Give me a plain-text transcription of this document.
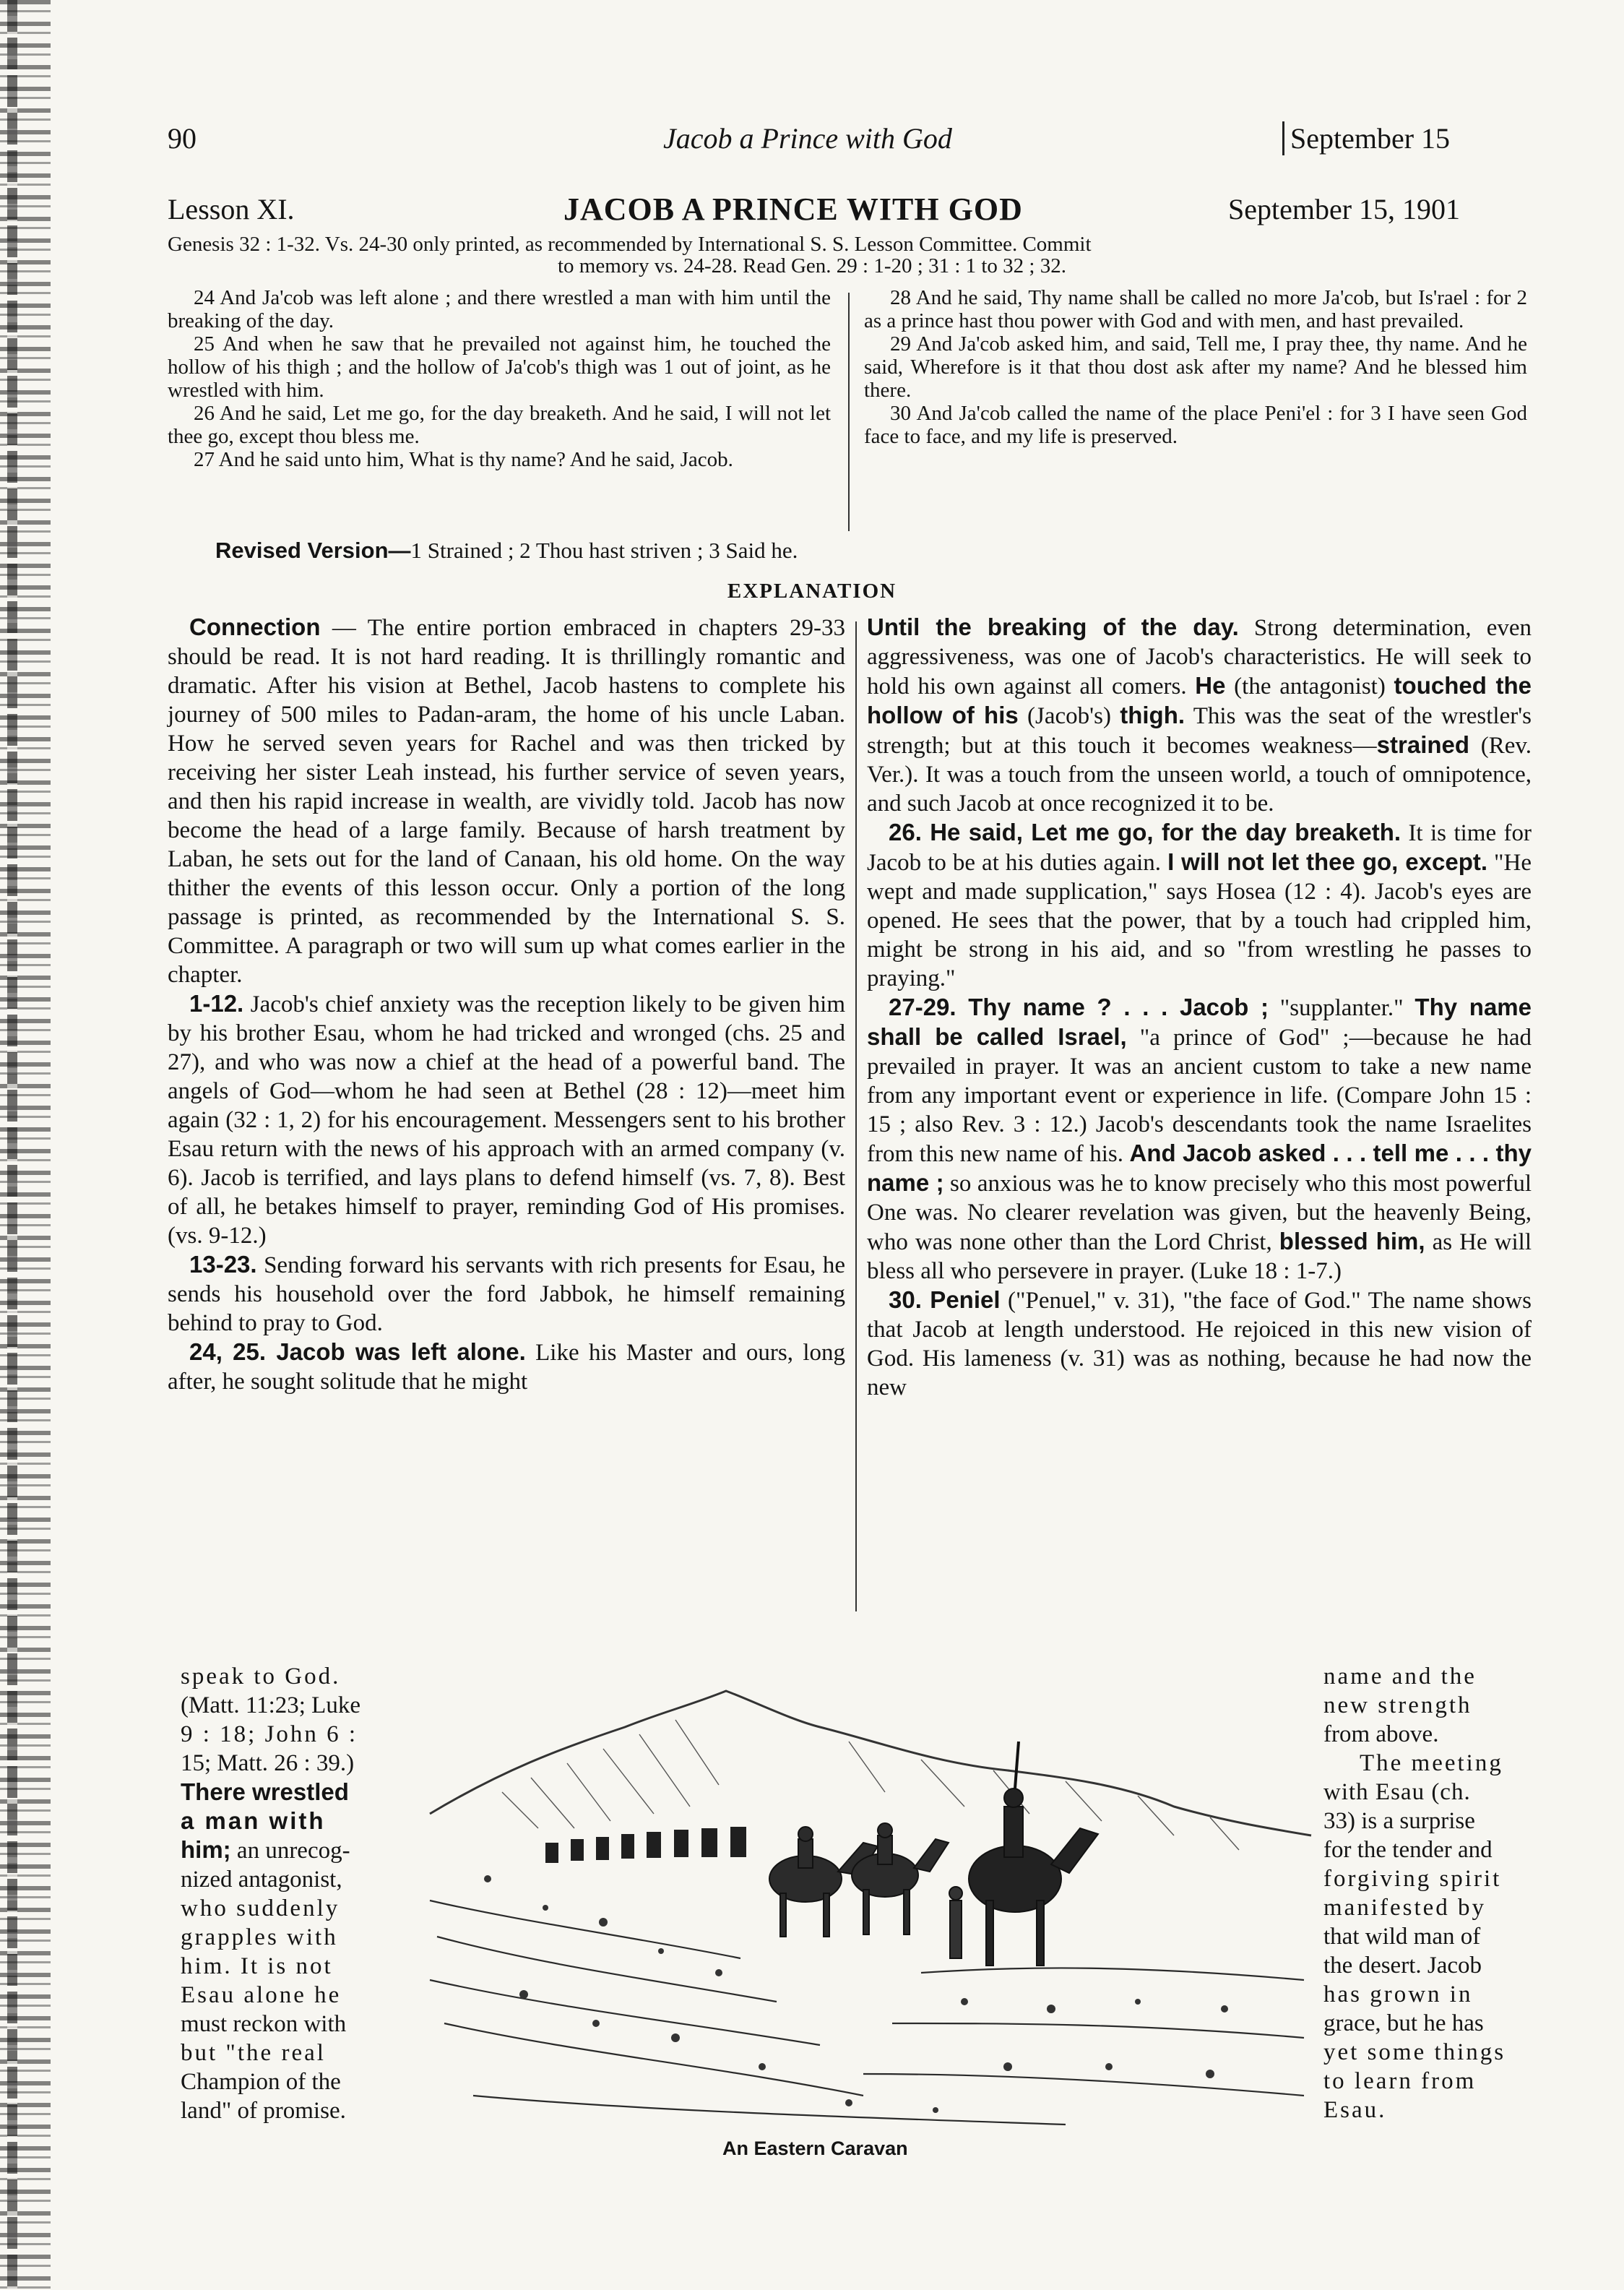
90	Jacob a Prince with God	September 15
Lesson XI.	JACOB A PRINCE WITH GOD	September 15, 1901
Genesis 32 : 1-32. Vs. 24-30 only printed, as recommended by International S. S. Lesson Committee. Commit
to memory vs. 24-28. Read Gen. 29 : 1-20 ; 31 : 1 to 32 ; 32.

24 And Ja'cob was left alone ; and there wrestled a man with him until the breaking of the day.

25 And when he saw that he prevailed not against him, he touched the hollow of his thigh ; and the hollow of Ja'cob's thigh was 1 out of joint, as he wrestled with him.

26 And he said, Let me go, for the day breaketh. And he said, I will not let thee go, except thou bless me.

27 And he said unto him, What is thy name? And he said, Jacob.

28 And he said, Thy name shall be called no more Ja'cob, but Is'rael : for 2 as a prince hast thou power with God and with men, and hast prevailed.

29 And Ja'cob asked him, and said, Tell me, I pray thee, thy name. And he said, Wherefore is it that thou dost ask after my name? And he blessed him there.

30 And Ja'cob called the name of the place Peni'el : for 3 I have seen God face to face, and my life is preserved.

Revised Version—1 Strained ; 2 Thou hast striven ; 3 Said he.
EXPLANATION

Connection — The entire portion embraced in chapters 29-33 should be read. It is not hard reading. It is thrillingly romantic and dramatic. After his vision at Bethel, Jacob hastens to complete his journey of 500 miles to Padan-aram, the home of his uncle Laban. How he served seven years for Rachel and was then tricked by receiving her sister Leah instead, his further service of seven years, and then his rapid increase in wealth, are vividly told. Jacob has now become the head of a large family. Because of harsh treatment by Laban, he sets out for the land of Canaan, his old home. On the way thither the events of this lesson occur. Only a portion of the long passage is printed, as recommended by the International S. S. Committee. A paragraph or two will sum up what comes earlier in the chapter.

1-12. Jacob's chief anxiety was the reception likely to be given him by his brother Esau, whom he had tricked and wronged (chs. 25 and 27), and who was now a chief at the head of a powerful band. The angels of God—whom he had seen at Bethel (28 : 12)—meet him again (32 : 1, 2) for his encouragement. Messengers sent to his brother Esau return with the news of his approach with an armed company (v. 6). Jacob is terrified, and lays plans to defend himself (vs. 7, 8). Best of all, he betakes himself to prayer, reminding God of His promises. (vs. 9-12.)

13-23. Sending forward his servants with rich presents for Esau, he sends his household over the ford Jabbok, he himself remaining behind to pray to God.

24, 25. Jacob was left alone. Like his Master and ours, long after, he sought solitude that he might

speak to God.
(Matt. 11:23; Luke
9 : 18; John 6 :
15; Matt. 26 : 39.)
There wrestled
a man with
him; an unrecog-
nized antagonist,
who suddenly
grapples with
him. It is not
Esau alone he
must reckon with
but "the real
Champion of the
land" of promise.

Until the breaking of the day. Strong determination, even aggressiveness, was one of Jacob's characteristics. He will seek to hold his own against all comers. He (the antagonist) touched the hollow of his (Jacob's) thigh. This was the seat of the wrestler's strength; but at this touch it becomes weakness—strained (Rev. Ver.). It was a touch from the unseen world, a touch of omnipotence, and such Jacob at once recognized it to be.

26. He said, Let me go, for the day breaketh. It is time for Jacob to be at his duties again. I will not let thee go, except. "He wept and made supplication," says Hosea (12 : 4). Jacob's eyes are opened. He sees that the power, that by a touch had crippled him, might be strong in his aid, and so "from wrestling he passes to praying."

27-29. Thy name ? . . . Jacob ; "supplanter." Thy name shall be called Israel, "a prince of God" ;—because he had prevailed in prayer. It was an ancient custom to take a new name from any important event or experience in life. (Compare John 15 : 15 ; also Rev. 3 : 12.) Jacob's descendants took the name Israelites from this new name of his. And Jacob asked . . . tell me . . . thy name ; so anxious was he to know precisely who this most powerful One was. No clearer revelation was given, but the heavenly Being, who was none other than the Lord Christ, blessed him, as He will bless all who persevere in prayer. (Luke 18 : 1-7.)

30. Peniel ("Penuel," v. 31), "the face of God." The name shows that Jacob at length understood. He rejoiced in this new vision of God. His lameness (v. 31) was as nothing, because he had now the new

name and the
new strength
from above.
The meeting
with Esau (ch.
33) is a surprise
for the tender and
forgiving spirit
manifested by
that wild man of
the desert. Jacob
has grown in
grace, but he has
yet some things
to learn from
Esau.
An Eastern Caravan
